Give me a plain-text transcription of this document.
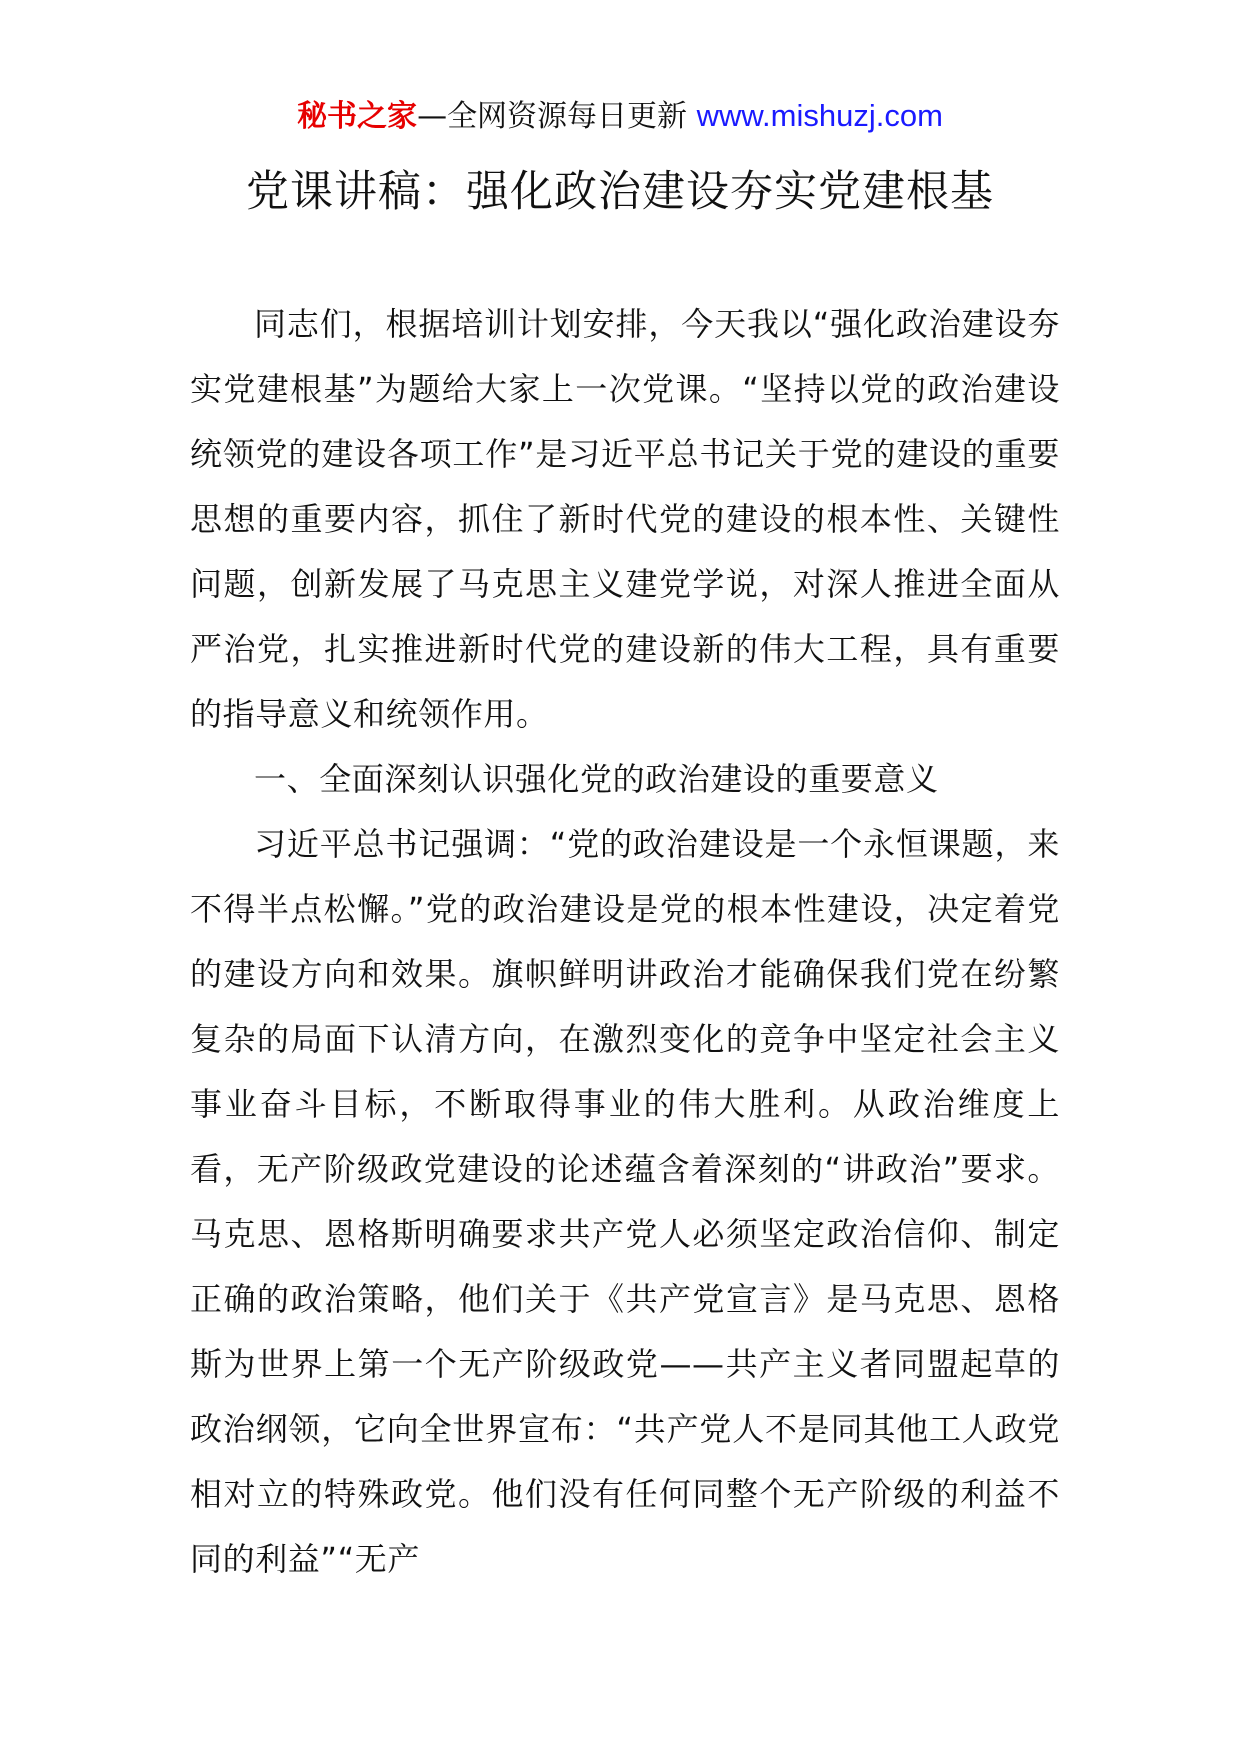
秘书之家—全网资源每日更新 www.mishuzj.com
党课讲稿：强化政治建设夯实党建根基

同志们，根据培训计划安排，今天我以“强化政治建设夯实党建根基”为题给大家上一次党课。“坚持以党的政治建设统领党的建设各项工作”是习近平总书记关于党的建设的重要思想的重要内容，抓住了新时代党的建设的根本性、关键性问题，创新发展了马克思主义建党学说，对深人推进全面从严治党，扎实推进新时代党的建设新的伟大工程，具有重要的指导意义和统领作用。

一、全面深刻认识强化党的政治建设的重要意义

习近平总书记强调：“党的政治建设是一个永恒课题，来不得半点松懈。”党的政治建设是党的根本性建设，决定着党的建设方向和效果。旗帜鲜明讲政治才能确保我们党在纷繁复杂的局面下认清方向，在激烈变化的竞争中坚定社会主义事业奋斗目标，不断取得事业的伟大胜利。从政治维度上看，无产阶级政党建设的论述蕴含着深刻的“讲政治”要求。马克思、恩格斯明确要求共产党人必须坚定政治信仰、制定正确的政治策略，他们关于《共产党宣言》是马克思、恩格斯为世界上第一个无产阶级政党——共产主义者同盟起草的政治纲领，它向全世界宣布：“共产党人不是同其他工人政党相对立的特殊政党。他们没有任何同整个无产阶级的利益不同的利益”“无产
